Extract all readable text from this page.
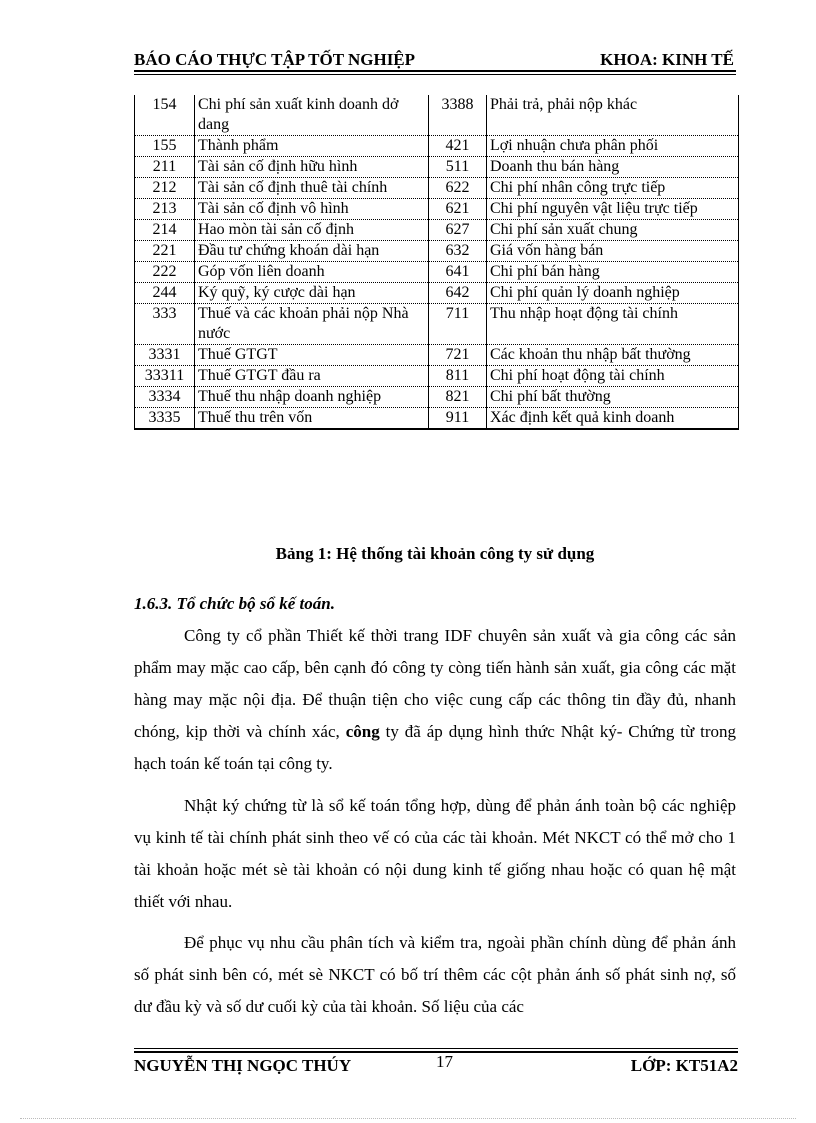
BÁO CÁO THỰC TẬP TỐT NGHIỆP	KHOA: KINH TẾ
154	Chi phí sản xuất kinh doanh dở dang	3388	Phải trả, phải nộp khác
155	Thành phẩm	421	Lợi nhuận chưa phân phối
211	Tài sản cố định hữu hình	511	Doanh thu bán hàng
212	Tài sản cố định thuê tài chính	622	Chi phí nhân công trực tiếp
213	Tài sản cố định vô hình	621	Chi phí nguyên vật liệu trực tiếp
214	Hao mòn tài sản cố định	627	Chi phí sản xuất chung
221	Đầu tư chứng khoán dài hạn	632	Giá vốn hàng bán
222	Góp vốn liên doanh	641	Chi phí bán hàng
244	Ký quỹ, ký cược dài hạn	642	Chi phí quản lý doanh nghiệp
333	Thuế và các khoản phải nộp Nhà nước	711	Thu nhập hoạt động tài chính
3331	Thuế GTGT	721	Các khoản thu nhập bất thường
33311	Thuế GTGT đầu ra	811	Chi phí hoạt động tài chính
3334	Thuế thu nhập doanh nghiệp	821	Chi phí bất thường
3335	Thuế thu trên vốn	911	Xác định kết quả kinh doanh
Bảng 1: Hệ thống tài khoản công ty sử dụng
1.6.3. Tổ chức bộ sổ kế toán.

Công ty cổ phần Thiết kế thời trang IDF chuyên sản xuất và gia công các sản phẩm may mặc cao cấp, bên cạnh đó công ty còng tiến hành sản xuất, gia công các mặt hàng may mặc nội địa. Để thuận tiện cho việc cung cấp các thông tin đầy đủ, nhanh chóng, kịp thời và chính xác, công ty đã áp dụng hình thức Nhật ký- Chứng từ trong hạch toán kế toán tại công ty.

Nhật ký chứng từ là sổ kế toán tổng hợp, dùng để phản ánh toàn bộ các nghiệp vụ kinh tế tài chính phát sinh theo vế có của các tài khoản. Mét NKCT có thể mở cho 1 tài khoản hoặc mét sè tài khoản có nội dung kinh tế giống nhau hoặc có quan hệ mật thiết với nhau.

Để phục vụ nhu cầu phân tích và kiểm tra, ngoài phần chính dùng để phản ánh số phát sinh bên có, mét sè NKCT có bố trí thêm các cột phản ánh số phát sinh nợ, số dư đầu kỳ và số dư cuối kỳ của tài khoản. Số liệu của các

NGUYỄN THỊ NGỌC THÚY	17	LỚP: KT51A2
